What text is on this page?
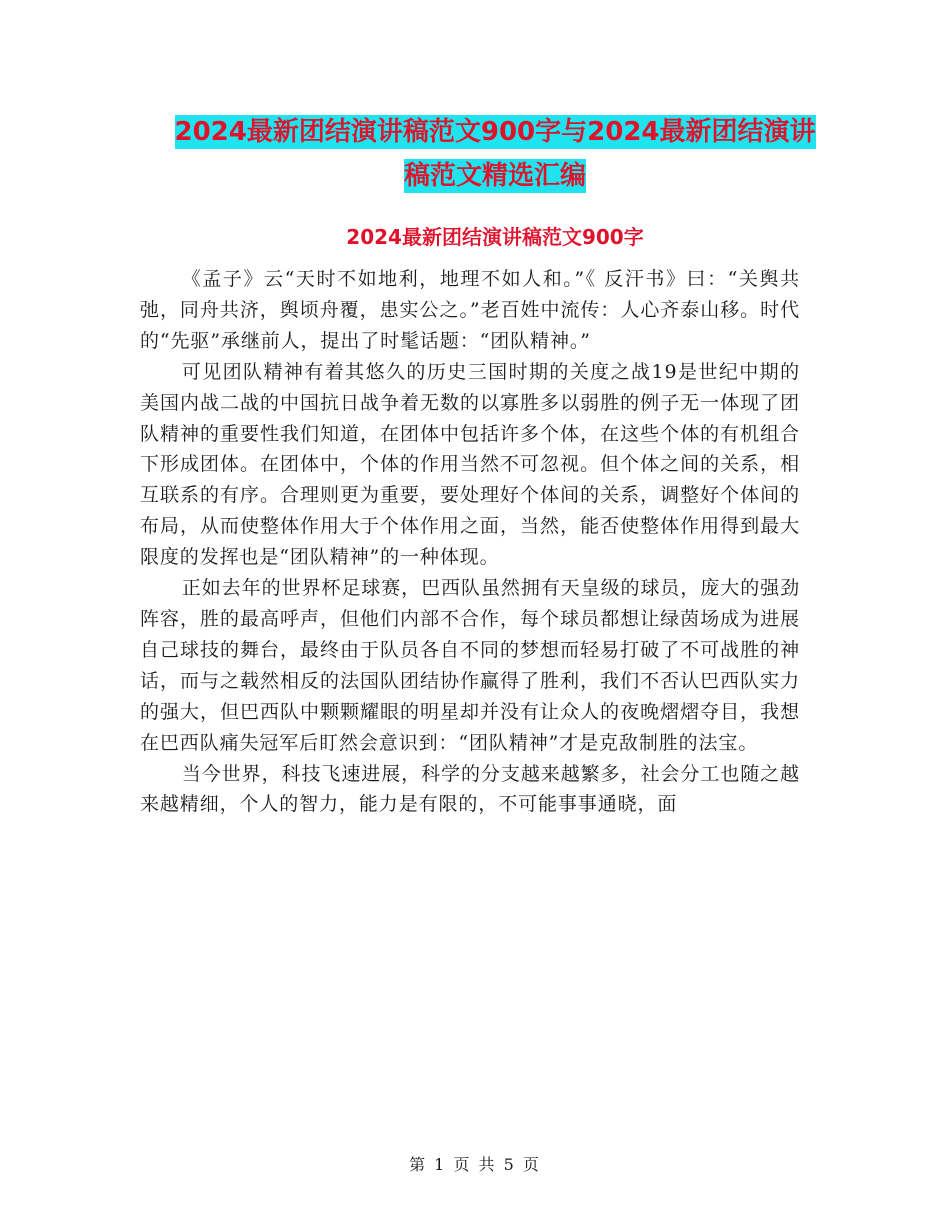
2024最新团结演讲稿范文900字与2024最新团结演讲
稿范文精选汇编
2024最新团结演讲稿范文900字

《孟子》云“天时不如地利，地理不如人和。”《 反汗书》曰：“关舆共弛，同舟共济，舆顷舟覆，患实公之。”老百姓中流传：人心齐泰山移。时代的“先驱”承继前人，提出了时髦话题：“团队精神。”

可见团队精神有着其悠久的历史三国时期的关度之战19是世纪中期的美国内战二战的中国抗日战争着无数的以寡胜多以弱胜的例子无一体现了团队精神的重要性我们知道，在团体中包括许多个体，在这些个体的有机组合下形成团体。在团体中，个体的作用当然不可忽视。但个体之间的关系，相互联系的有序。合理则更为重要，要处理好个体间的关系，调整好个体间的布局，从而使整体作用大于个体作用之面，当然，能否使整体作用得到最大限度的发挥也是“团队精神”的一种体现。

正如去年的世界杯足球赛，巴西队虽然拥有天皇级的球员，庞大的强劲阵容，胜的最高呼声，但他们内部不合作，每个球员都想让绿茵场成为进展自己球技的舞台，最终由于队员各自不同的梦想而轻易打破了不可战胜的神话，而与之载然相反的法国队团结协作赢得了胜利，我们不否认巴西队实力的强大，但巴西队中颗颗耀眼的明星却并没有让众人的夜晚熠熠夺目，我想在巴西队痛失冠军后盯然会意识到：“团队精神”才是克敌制胜的法宝。

当今世界，科技飞速进展，科学的分支越来越繁多，社会分工也随之越来越精细，个人的智力，能力是有限的，不可能事事通晓，面

第 1 页 共 5 页
